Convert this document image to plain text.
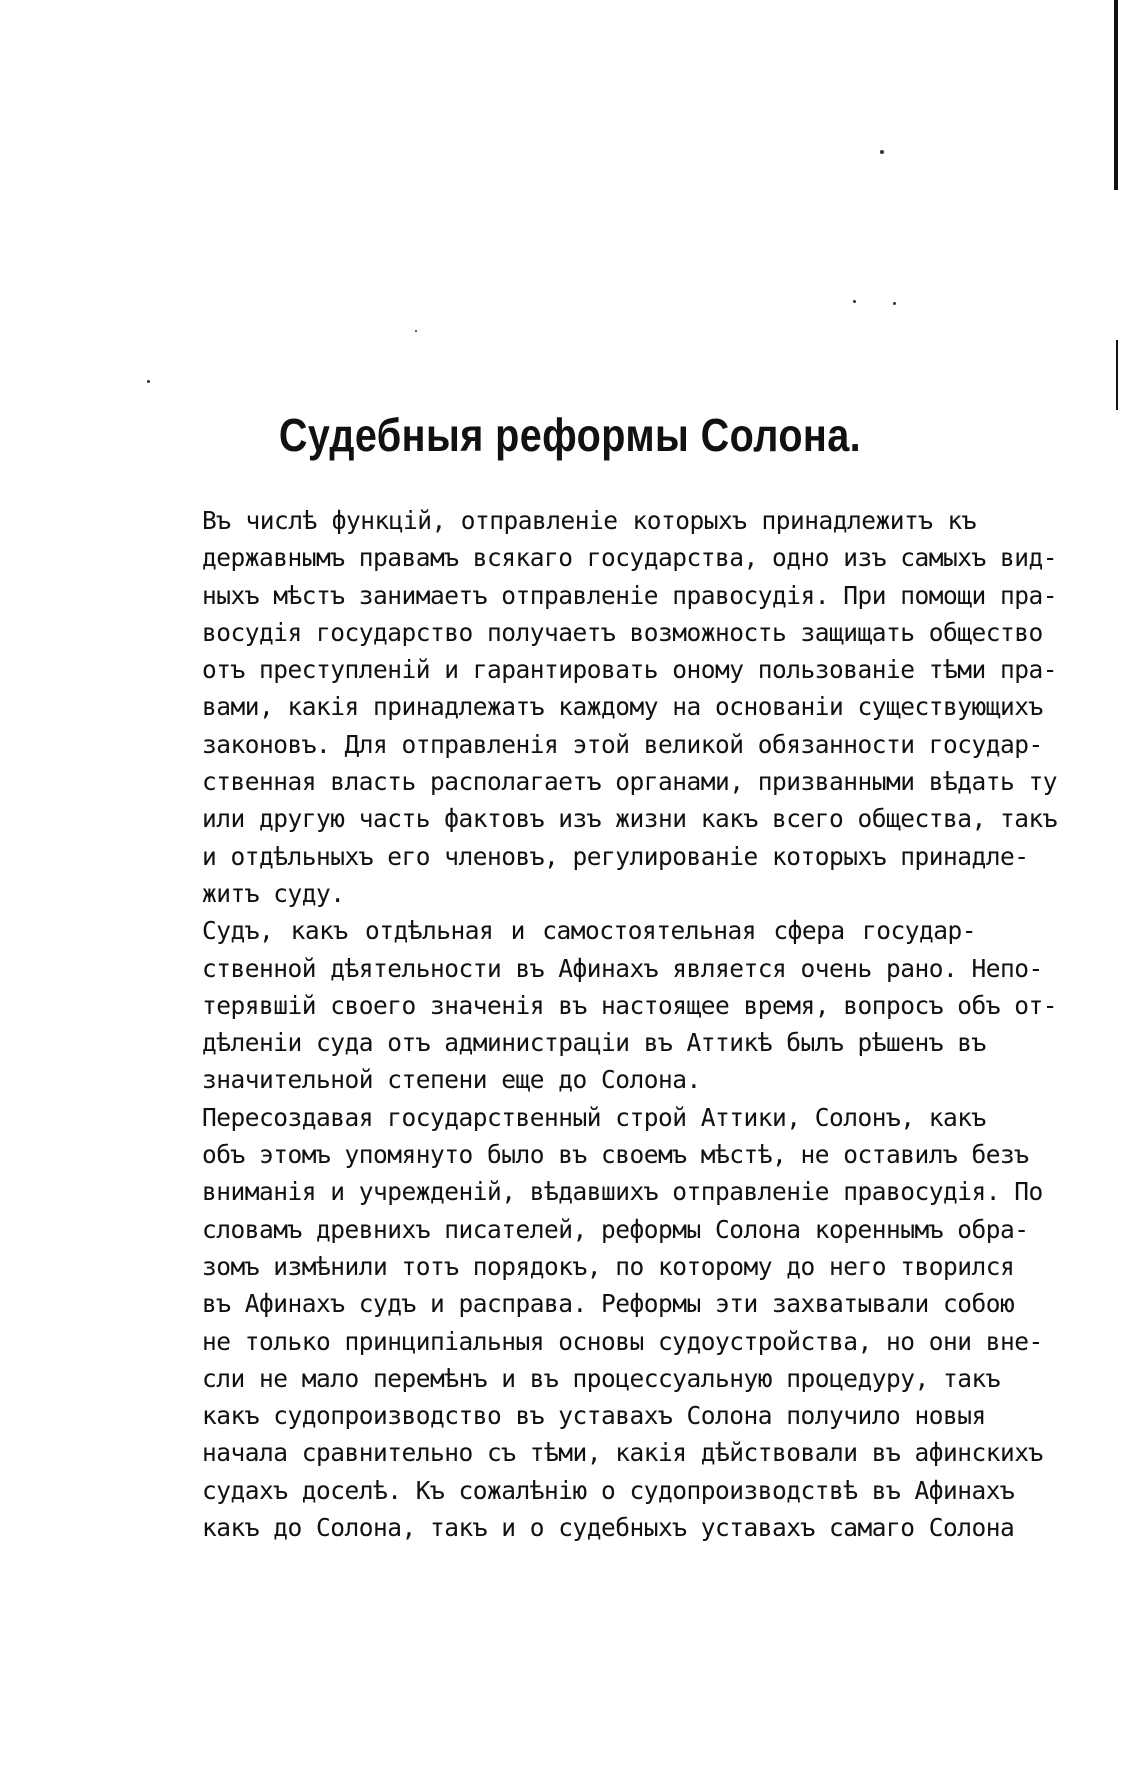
Судебныя реформы Солона.
Въ числѣ функцій, отправленіе которыхъ принадлежитъ къ
державнымъ правамъ всякаго государства, одно изъ самыхъ вид-
ныхъ мѣстъ занимаетъ отправленіе правосудія. При помощи пра-
восудія государство получаетъ возможность защищать общество
отъ преступленій и гарантировать оному пользованіе тѣми пра-
вами, какія принадлежатъ каждому на основаніи существующихъ
законовъ. Для отправленія этой великой обязанности государ-
ственная власть располагаетъ органами, призванными вѣдать ту
или другую часть фактовъ изъ жизни какъ всего общества, такъ
и отдѣльныхъ его членовъ, регулированіе которыхъ принадле-
житъ суду.
Судъ, какъ отдѣльная и самостоятельная сфера государ-
ственной дѣятельности въ Афинахъ является очень рано. Непо-
терявшій своего значенія въ настоящее время, вопросъ объ от-
дѣленіи суда отъ администраціи въ Аттикѣ былъ рѣшенъ въ
значительной степени еще до Солона.
Пересоздавая государственный строй Аттики, Солонъ, какъ
объ этомъ упомянуто было въ своемъ мѣстѣ, не оставилъ безъ
вниманія и учрежденій, вѣдавшихъ отправленіе правосудія. По
словамъ древнихъ писателей, реформы Солона кореннымъ обра-
зомъ измѣнили тотъ порядокъ, по которому до него творился
въ Афинахъ судъ и расправа. Реформы эти захватывали собою
не только принципіальныя основы судоустройства, но они вне-
сли не мало перемѣнъ и въ процессуальную процедуру, такъ
какъ судопроизводство въ уставахъ Солона получило новыя
начала сравнительно съ тѣми, какія дѣйствовали въ афинскихъ
судахъ доселѣ. Къ сожалѣнію о судопроизводствѣ въ Афинахъ
какъ до Солона, такъ и о судебныхъ уставахъ самаго Солона
